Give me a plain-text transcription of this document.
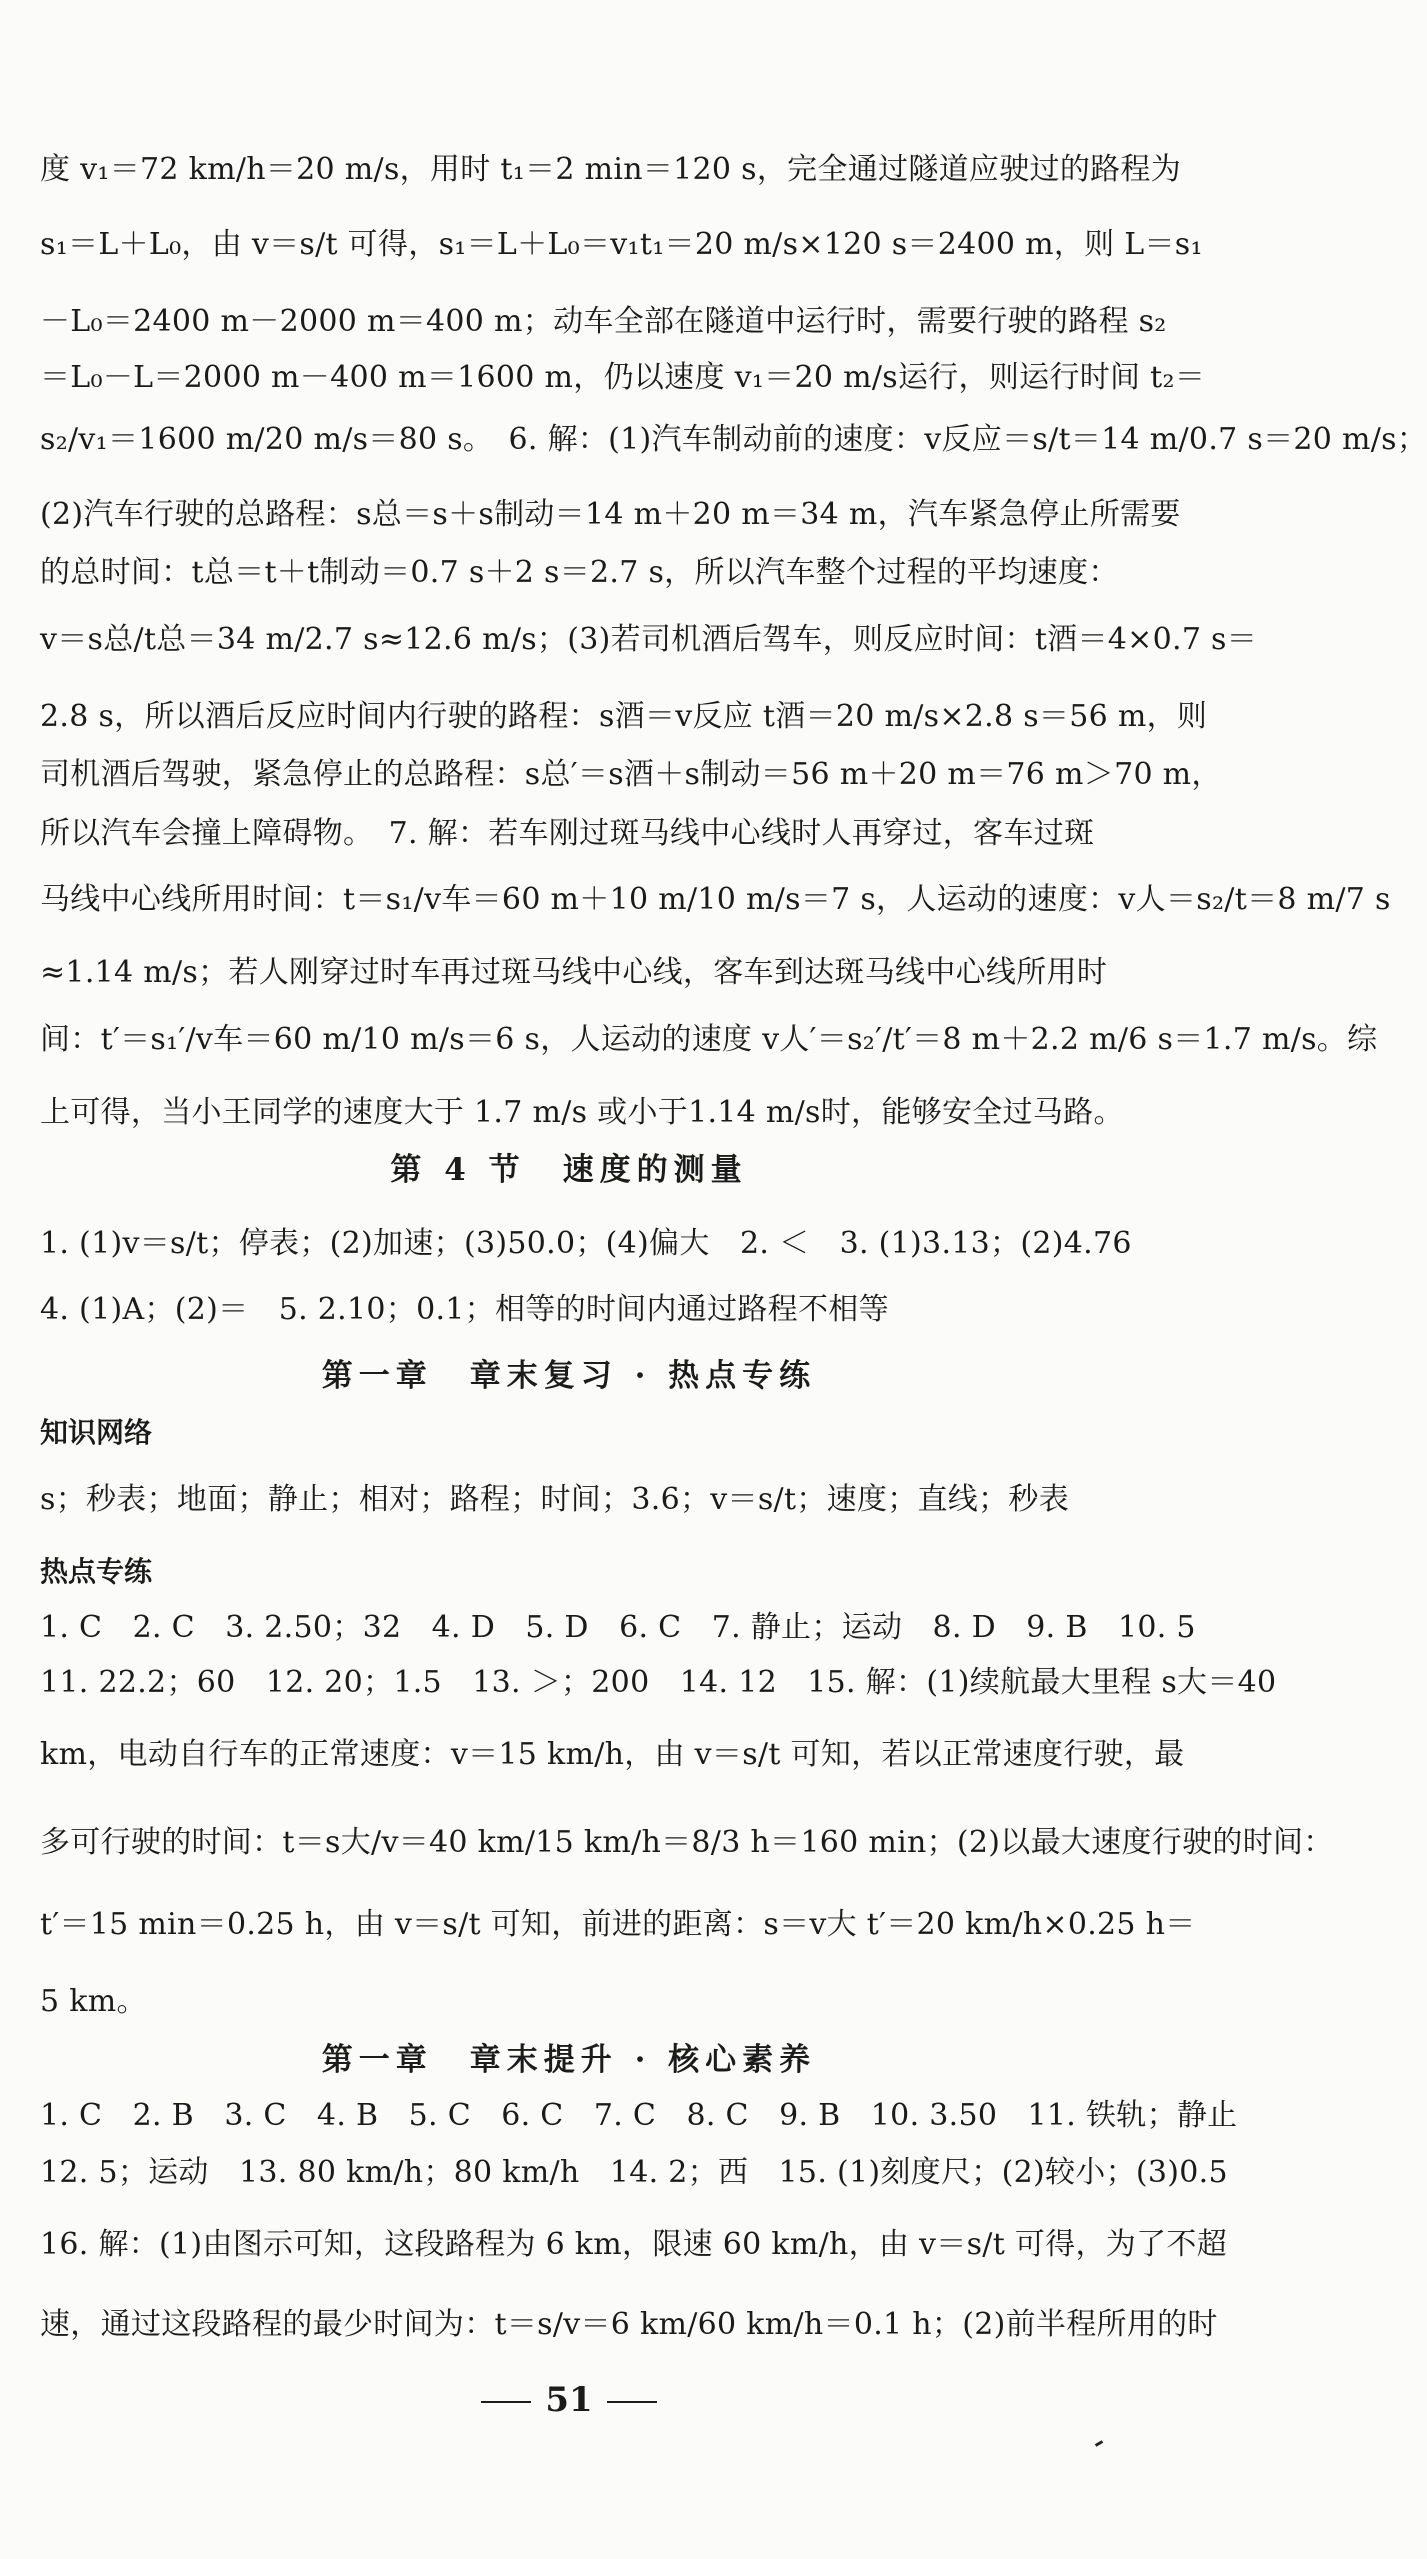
度 v₁＝72 km/h＝20 m/s，用时 t₁＝2 min＝120 s，完全通过隧道应驶过的路程为
s₁＝L＋L₀，由 v＝s/t 可得，s₁＝L＋L₀＝v₁t₁＝20 m/s×120 s＝2400 m，则 L＝s₁
－L₀＝2400 m－2000 m＝400 m；动车全部在隧道中运行时，需要行驶的路程 s₂
＝L₀－L＝2000 m－400 m＝1600 m，仍以速度 v₁＝20 m/s运行，则运行时间 t₂＝
s₂/v₁＝1600 m/20 m/s＝80 s。　6. 解：(1)汽车制动前的速度：v反应＝s/t＝14 m/0.7 s＝20 m/s；
(2)汽车行驶的总路程：s总＝s＋s制动＝14 m＋20 m＝34 m，汽车紧急停止所需要
的总时间：t总＝t＋t制动＝0.7 s＋2 s＝2.7 s，所以汽车整个过程的平均速度：
v＝s总/t总＝34 m/2.7 s≈12.6 m/s；(3)若司机酒后驾车，则反应时间：t酒＝4×0.7 s＝
2.8 s，所以酒后反应时间内行驶的路程：s酒＝v反应 t酒＝20 m/s×2.8 s＝56 m，则
司机酒后驾驶，紧急停止的总路程：s总′＝s酒＋s制动＝56 m＋20 m＝76 m＞70 m，
所以汽车会撞上障碍物。　7. 解：若车刚过斑马线中心线时人再穿过，客车过斑
马线中心线所用时间：t＝s₁/v车＝60 m＋10 m/10 m/s＝7 s，人运动的速度：v人＝s₂/t＝8 m/7 s
≈1.14 m/s；若人刚穿过时车再过斑马线中心线，客车到达斑马线中心线所用时
间：t′＝s₁′/v车＝60 m/10 m/s＝6 s，人运动的速度 v人′＝s₂′/t′＝8 m＋2.2 m/6 s＝1.7 m/s。综
上可得，当小王同学的速度大于 1.7 m/s 或小于1.14 m/s时，能够安全过马路。
第 4 节　速度的测量
1. (1)v＝s/t；停表；(2)加速；(3)50.0；(4)偏大　2. ＜　3. (1)3.13；(2)4.76
4. (1)A；(2)＝　5. 2.10；0.1；相等的时间内通过路程不相等
第一章　章末复习 · 热点专练
知识网络
s；秒表；地面；静止；相对；路程；时间；3.6；v＝s/t；速度；直线；秒表
热点专练
1. C　2. C　3. 2.50；32　4. D　5. D　6. C　7. 静止；运动　8. D　9. B　10. 5
11. 22.2；60　12. 20；1.5　13. ＞；200　14. 12　15. 解：(1)续航最大里程 s大＝40
km，电动自行车的正常速度：v＝15 km/h，由 v＝s/t 可知，若以正常速度行驶，最
多可行驶的时间：t＝s大/v＝40 km/15 km/h＝8/3 h＝160 min；(2)以最大速度行驶的时间：
t′＝15 min＝0.25 h，由 v＝s/t 可知，前进的距离：s＝v大 t′＝20 km/h×0.25 h＝
5 km。
第一章　章末提升 · 核心素养
1. C　2. B　3. C　4. B　5. C　6. C　7. C　8. C　9. B　10. 3.50　11. 铁轨；静止
12. 5；运动　13. 80 km/h；80 km/h　14. 2；西　15. (1)刻度尺；(2)较小；(3)0.5
16. 解：(1)由图示可知，这段路程为 6 km，限速 60 km/h，由 v＝s/t 可得，为了不超
速，通过这段路程的最少时间为：t＝s/v＝6 km/60 km/h＝0.1 h；(2)前半程所用的时
51
